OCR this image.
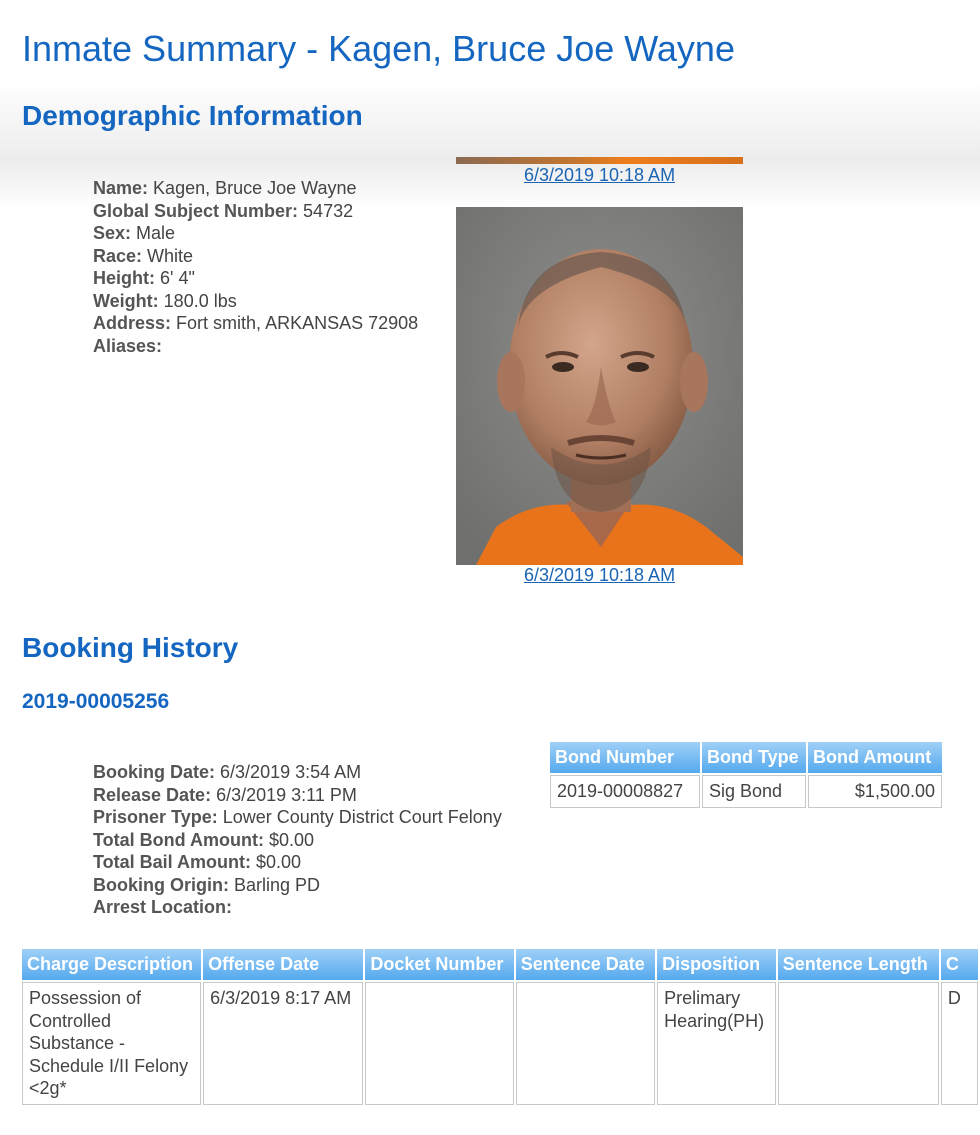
Inmate Summary - Kagen, Bruce Joe Wayne
Demographic Information
Name: Kagen, Bruce Joe Wayne
Global Subject Number: 54732
Sex: Male
Race: White
Height: 6' 4"
Weight: 180.0 lbs
Address: Fort smith, ARKANSAS 72908
Aliases:
6/3/2019 10:18 AM
6/3/2019 10:18 AM
Booking History
2019-00005256
Booking Date: 6/3/2019 3:54 AM
Release Date: 6/3/2019 3:11 PM
Prisoner Type: Lower County District Court Felony
Total Bond Amount: $0.00
Total Bail Amount: $0.00
Booking Origin: Barling PD
Arrest Location:
Bond Number	Bond Type	Bond Amount
2019-00008827	Sig Bond	$1,500.00
Charge Description	Offense Date	Docket Number	Sentence Date	Disposition	Sentence Length	C
Possession of Controlled Substance - Schedule I/II Felony <2g*	6/3/2019 8:17 AM			Prelimary Hearing(PH)		D
